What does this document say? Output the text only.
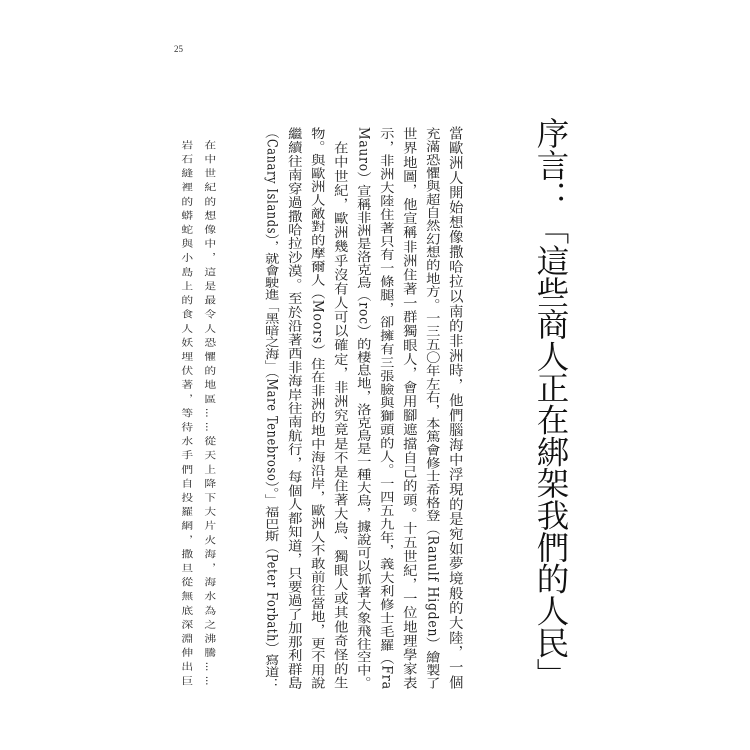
25
序言：「這些商人正在綁架我們的人民」
當歐洲人開始想像撒哈拉以南的非洲時，他們腦海中浮現的是宛如夢境般的大陸，一個
充滿恐懼與超自然幻想的地方。一三五〇年左右，本篤會修士希格登（Ranulf Higden）繪製了
世界地圖，他宣稱非洲住著一群獨眼人，會用腳遮擋自己的頭。十五世紀，一位地理學家表
示，非洲大陸住著只有一條腿，卻擁有三張臉與獅頭的人。一四五九年，義大利修士毛羅（Fra
Mauro）宣稱非洲是洛克鳥（roc）的棲息地，洛克鳥是一種大鳥，據說可以抓著大象飛往空中。
在中世紀，歐洲幾乎沒有人可以確定，非洲究竟是不是住著大鳥、獨眼人或其他奇怪的生
物。與歐洲人敵對的摩爾人（Moors）住在非洲的地中海沿岸，歐洲人不敢前往當地，更不用說
繼續往南穿過撒哈拉沙漠。至於沿著西非海岸往南航行，每個人都知道，只要過了加那利群島
（Canary Islands），就會駛進「黑暗之海」（Mare Tenebroso）。」福巴斯（Peter Forbath）寫道：
在中世紀的想像中，這是最令人恐懼的地區……從天上降下大片火海，海水為之沸騰……
岩石縫裡的蟒蛇與小島上的食人妖埋伏著，等待水手們自投羅網，撒旦從無底深淵伸出巨
